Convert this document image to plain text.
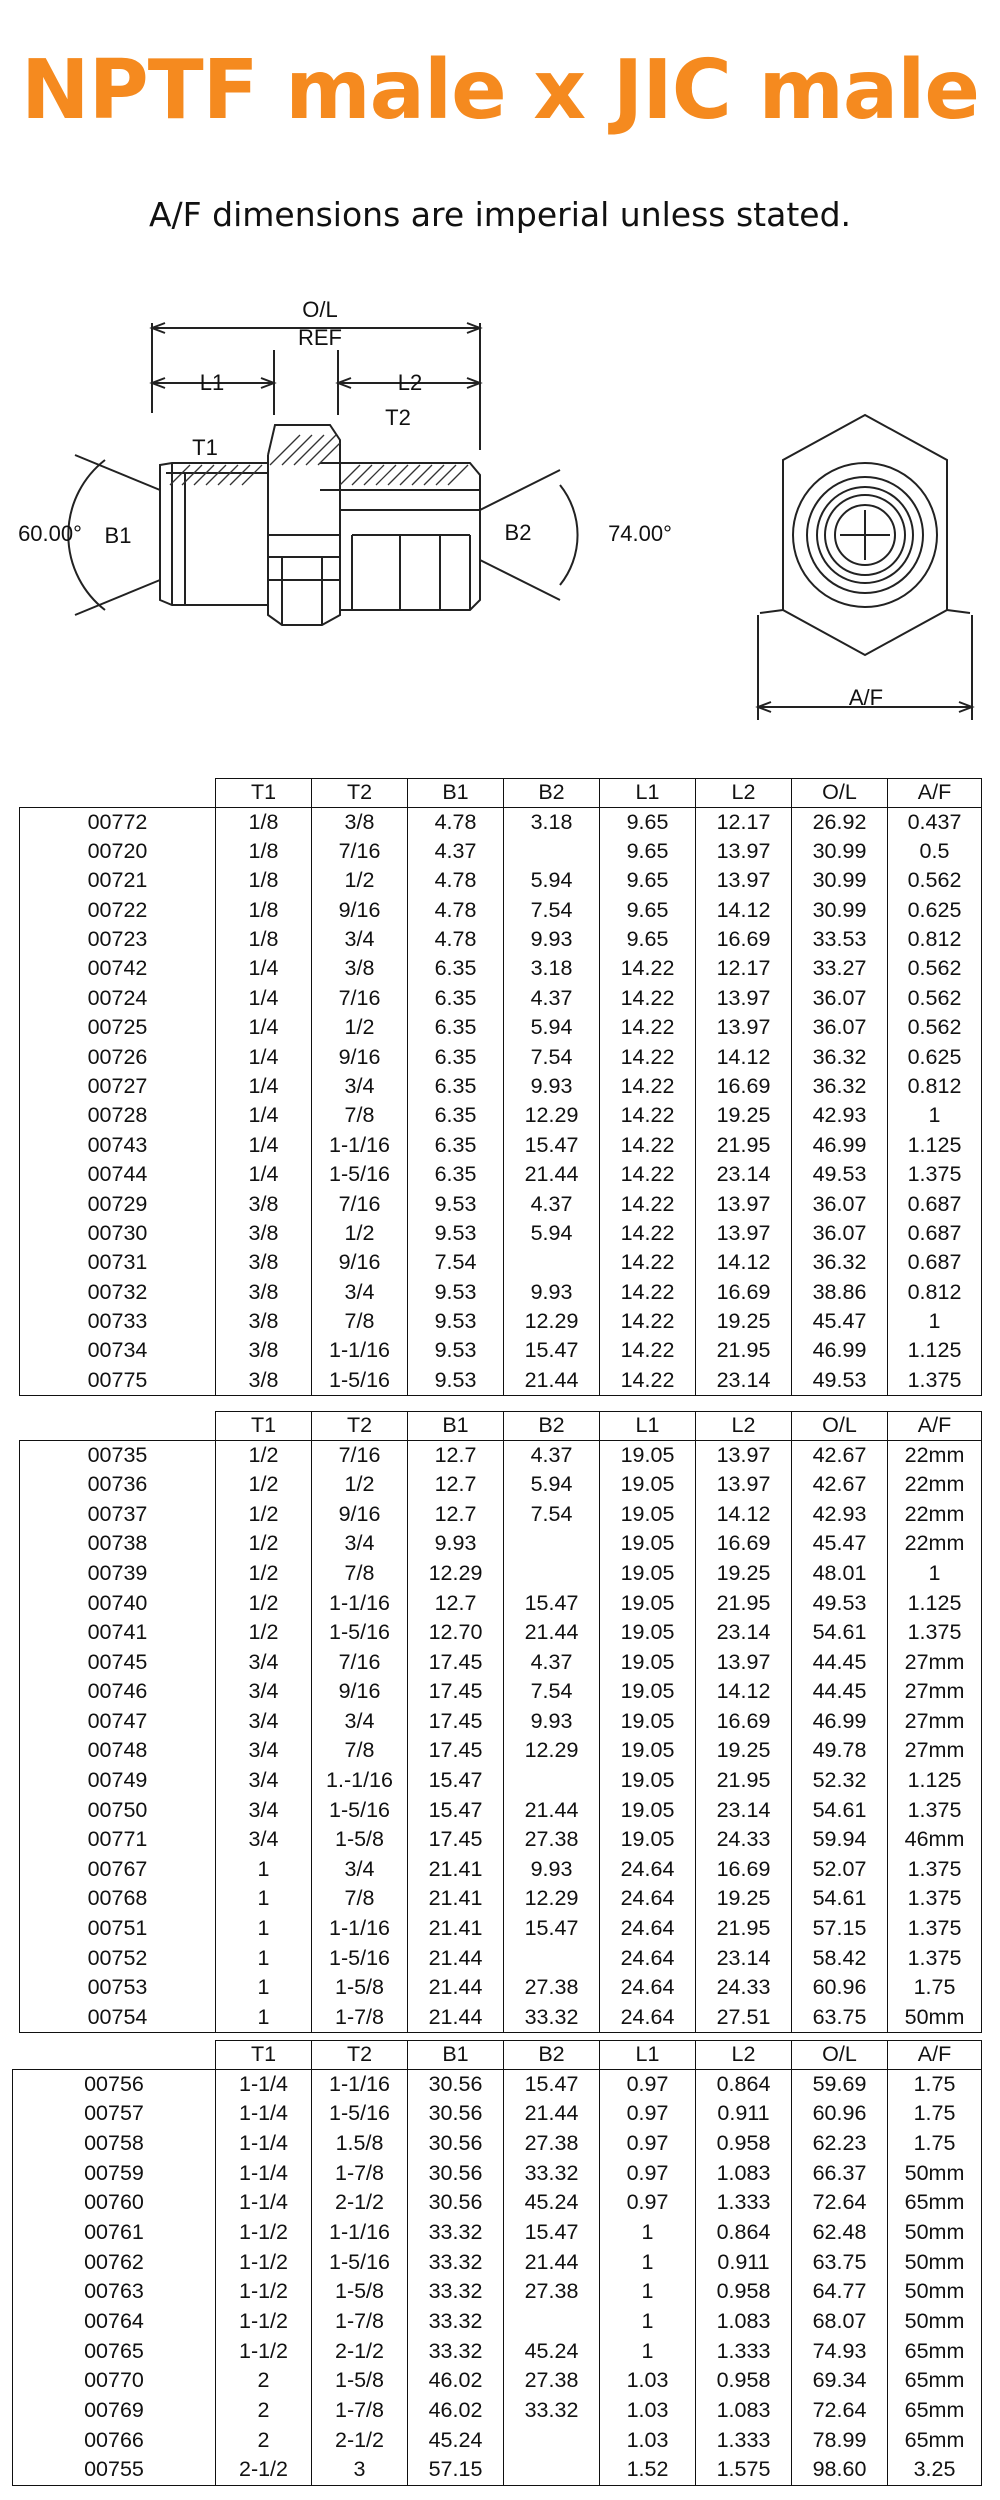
NPTF male x JIC male
A/F dimensions are imperial unless stated.
O/L
REF
L1	L2
T1
T2
B1	B2
60.00°	74.00°
A/F
	T1	T2	B1	B2	L1	L2	O/L	A/F
00772	1/8	3/8	4.78	3.18	9.65	12.17	26.92	0.437
00720	1/8	7/16	4.37		9.65	13.97	30.99	0.5
00721	1/8	1/2	4.78	5.94	9.65	13.97	30.99	0.562
00722	1/8	9/16	4.78	7.54	9.65	14.12	30.99	0.625
00723	1/8	3/4	4.78	9.93	9.65	16.69	33.53	0.812
00742	1/4	3/8	6.35	3.18	14.22	12.17	33.27	0.562
00724	1/4	7/16	6.35	4.37	14.22	13.97	36.07	0.562
00725	1/4	1/2	6.35	5.94	14.22	13.97	36.07	0.562
00726	1/4	9/16	6.35	7.54	14.22	14.12	36.32	0.625
00727	1/4	3/4	6.35	9.93	14.22	16.69	36.32	0.812
00728	1/4	7/8	6.35	12.29	14.22	19.25	42.93	1
00743	1/4	1-1/16	6.35	15.47	14.22	21.95	46.99	1.125
00744	1/4	1-5/16	6.35	21.44	14.22	23.14	49.53	1.375
00729	3/8	7/16	9.53	4.37	14.22	13.97	36.07	0.687
00730	3/8	1/2	9.53	5.94	14.22	13.97	36.07	0.687
00731	3/8	9/16	7.54		14.22	14.12	36.32	0.687
00732	3/8	3/4	9.53	9.93	14.22	16.69	38.86	0.812
00733	3/8	7/8	9.53	12.29	14.22	19.25	45.47	1
00734	3/8	1-1/16	9.53	15.47	14.22	21.95	46.99	1.125
00775	3/8	1-5/16	9.53	21.44	14.22	23.14	49.53	1.375
	T1	T2	B1	B2	L1	L2	O/L	A/F
00735	1/2	7/16	12.7	4.37	19.05	13.97	42.67	22mm
00736	1/2	1/2	12.7	5.94	19.05	13.97	42.67	22mm
00737	1/2	9/16	12.7	7.54	19.05	14.12	42.93	22mm
00738	1/2	3/4	9.93		19.05	16.69	45.47	22mm
00739	1/2	7/8	12.29		19.05	19.25	48.01	1
00740	1/2	1-1/16	12.7	15.47	19.05	21.95	49.53	1.125
00741	1/2	1-5/16	12.70	21.44	19.05	23.14	54.61	1.375
00745	3/4	7/16	17.45	4.37	19.05	13.97	44.45	27mm
00746	3/4	9/16	17.45	7.54	19.05	14.12	44.45	27mm
00747	3/4	3/4	17.45	9.93	19.05	16.69	46.99	27mm
00748	3/4	7/8	17.45	12.29	19.05	19.25	49.78	27mm
00749	3/4	1.-1/16	15.47		19.05	21.95	52.32	1.125
00750	3/4	1-5/16	15.47	21.44	19.05	23.14	54.61	1.375
00771	3/4	1-5/8	17.45	27.38	19.05	24.33	59.94	46mm
00767	1	3/4	21.41	9.93	24.64	16.69	52.07	1.375
00768	1	7/8	21.41	12.29	24.64	19.25	54.61	1.375
00751	1	1-1/16	21.41	15.47	24.64	21.95	57.15	1.375
00752	1	1-5/16	21.44		24.64	23.14	58.42	1.375
00753	1	1-5/8	21.44	27.38	24.64	24.33	60.96	1.75
00754	1	1-7/8	21.44	33.32	24.64	27.51	63.75	50mm
	T1	T2	B1	B2	L1	L2	O/L	A/F
00756	1-1/4	1-1/16	30.56	15.47	0.97	0.864	59.69	1.75
00757	1-1/4	1-5/16	30.56	21.44	0.97	0.911	60.96	1.75
00758	1-1/4	1.5/8	30.56	27.38	0.97	0.958	62.23	1.75
00759	1-1/4	1-7/8	30.56	33.32	0.97	1.083	66.37	50mm
00760	1-1/4	2-1/2	30.56	45.24	0.97	1.333	72.64	65mm
00761	1-1/2	1-1/16	33.32	15.47	1	0.864	62.48	50mm
00762	1-1/2	1-5/16	33.32	21.44	1	0.911	63.75	50mm
00763	1-1/2	1-5/8	33.32	27.38	1	0.958	64.77	50mm
00764	1-1/2	1-7/8	33.32		1	1.083	68.07	50mm
00765	1-1/2	2-1/2	33.32	45.24	1	1.333	74.93	65mm
00770	2	1-5/8	46.02	27.38	1.03	0.958	69.34	65mm
00769	2	1-7/8	46.02	33.32	1.03	1.083	72.64	65mm
00766	2	2-1/2	45.24		1.03	1.333	78.99	65mm
00755	2-1/2	3	57.15		1.52	1.575	98.60	3.25
